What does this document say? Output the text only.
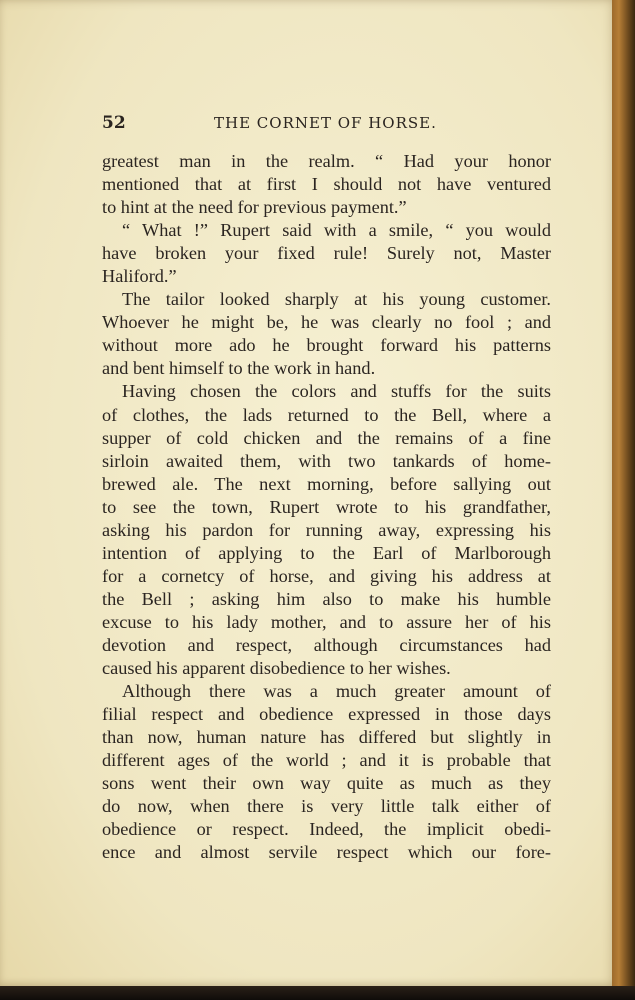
52	THE CORNET OF HORSE.
greatest man in the realm. “ Had your honor
mentioned that at first I should not have ventured
to hint at the need for previous payment.”
“ What !” Rupert said with a smile, “ you would
have broken your fixed rule! Surely not, Master
Haliford.”
The tailor looked sharply at his young customer.
Whoever he might be, he was clearly no fool ; and
without more ado he brought forward his patterns
and bent himself to the work in hand.
Having chosen the colors and stuffs for the suits
of clothes, the lads returned to the Bell, where a
supper of cold chicken and the remains of a fine
sirloin awaited them, with two tankards of home-
brewed ale. The next morning, before sallying out
to see the town, Rupert wrote to his grandfather,
asking his pardon for running away, expressing his
intention of applying to the Earl of Marlborough
for a cornetcy of horse, and giving his address at
the Bell ; asking him also to make his humble
excuse to his lady mother, and to assure her of his
devotion and respect, although circumstances had
caused his apparent disobedience to her wishes.
Although there was a much greater amount of
filial respect and obedience expressed in those days
than now, human nature has differed but slightly in
different ages of the world ; and it is probable that
sons went their own way quite as much as they
do now, when there is very little talk either of
obedience or respect. Indeed, the implicit obedi-
ence and almost servile respect which our fore-
